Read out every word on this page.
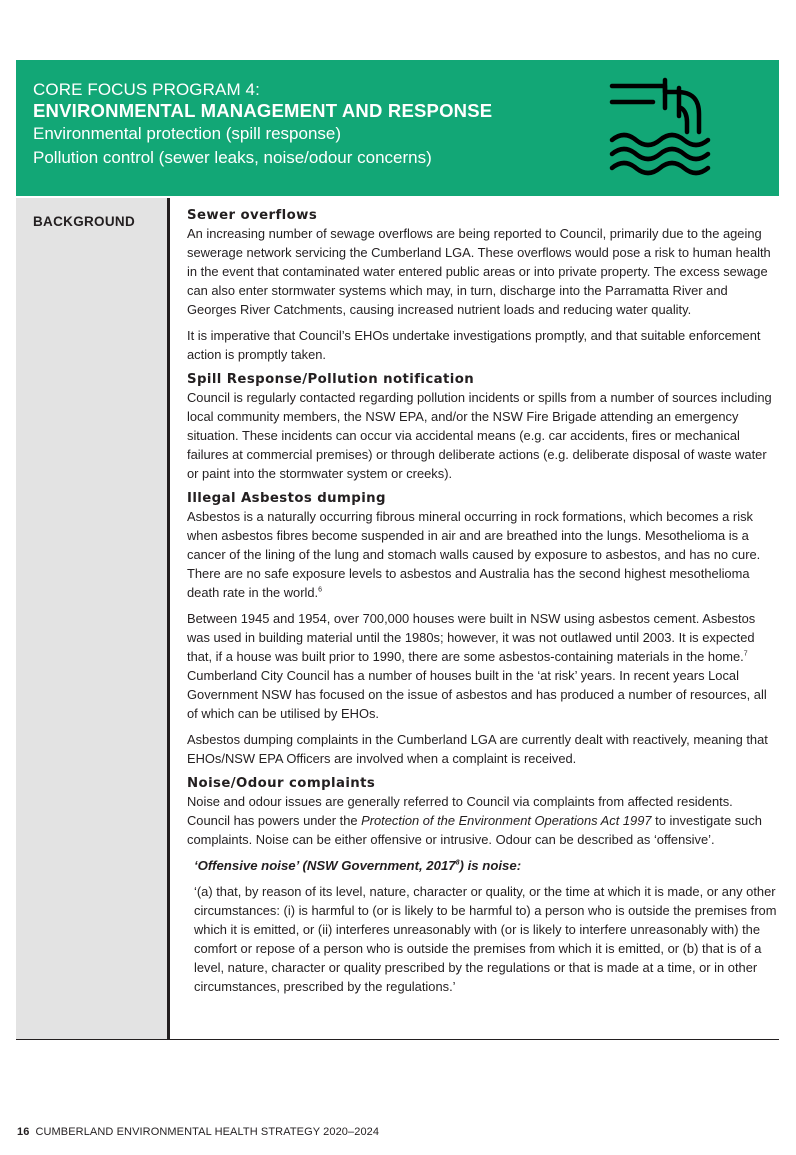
CORE FOCUS PROGRAM 4:
ENVIRONMENTAL MANAGEMENT AND RESPONSE
Environmental protection (spill response)
Pollution control (sewer leaks, noise/odour concerns)
BACKGROUND	Sewer overflows

An increasing number of sewage overflows are being reported to Council, primarily due to the ageing sewerage network servicing the Cumberland LGA. These overflows would pose a risk to human health in the event that contaminated water entered public areas or into private property. The excess sewage can also enter stormwater systems which may, in turn, discharge into the Parramatta River and Georges River Catchments, causing increased nutrient loads and reducing water quality.

It is imperative that Council’s EHOs undertake investigations promptly, and that suitable enforcement action is promptly taken.

Spill Response/Pollution notification

Council is regularly contacted regarding pollution incidents or spills from a number of sources including local community members, the NSW EPA, and/or the NSW Fire Brigade attending an emergency situation. These incidents can occur via accidental means (e.g. car accidents, fires or mechanical failures at commercial premises) or through deliberate actions (e.g. deliberate disposal of waste water or paint into the stormwater system or creeks).

Illegal Asbestos dumping

Asbestos is a naturally occurring fibrous mineral occurring in rock formations, which becomes a risk when asbestos fibres become suspended in air and are breathed into the lungs. Mesothelioma is a cancer of the lining of the lung and stomach walls caused by exposure to asbestos, and has no cure. There are no safe exposure levels to asbestos and Australia has the second highest mesothelioma death rate in the world.$^6$

Between 1945 and 1954, over 700,000 houses were built in NSW using asbestos cement. Asbestos was used in building material until the 1980s; however, it was not outlawed until 2003. It is expected that, if a house was built prior to 1990, there are some asbestos-containing materials in the home.$^7$ Cumberland City Council has a number of houses built in the ‘at risk’ years. In recent years Local Government NSW has focused on the issue of asbestos and has produced a number of resources, all of which can be utilised by EHOs.

Asbestos dumping complaints in the Cumberland LGA are currently dealt with reactively, meaning that EHOs/NSW EPA Officers are involved when a complaint is received.

Noise/Odour complaints

Noise and odour issues are generally referred to Council via complaints from affected residents. Council has powers under the Protection of the Environment Operations Act 1997 to investigate such complaints. Noise can be either offensive or intrusive. Odour can be described as ‘offensive’.

‘Offensive noise’ (NSW Government, 2017$^8$) is noise:

‘(a) that, by reason of its level, nature, character or quality, or the time at which it is made, or any other circumstances: (i) is harmful to (or is likely to be harmful to) a person who is outside the premises from which it is emitted, or (ii) interferes unreasonably with (or is likely to interfere unreasonably with) the comfort or repose of a person who is outside the premises from which it is emitted, or (b) that is of a level, nature, character or quality prescribed by the regulations or that is made at a time, or in other circumstances, prescribed by the regulations.’

16 CUMBERLAND ENVIRONMENTAL HEALTH STRATEGY 2020–2024
